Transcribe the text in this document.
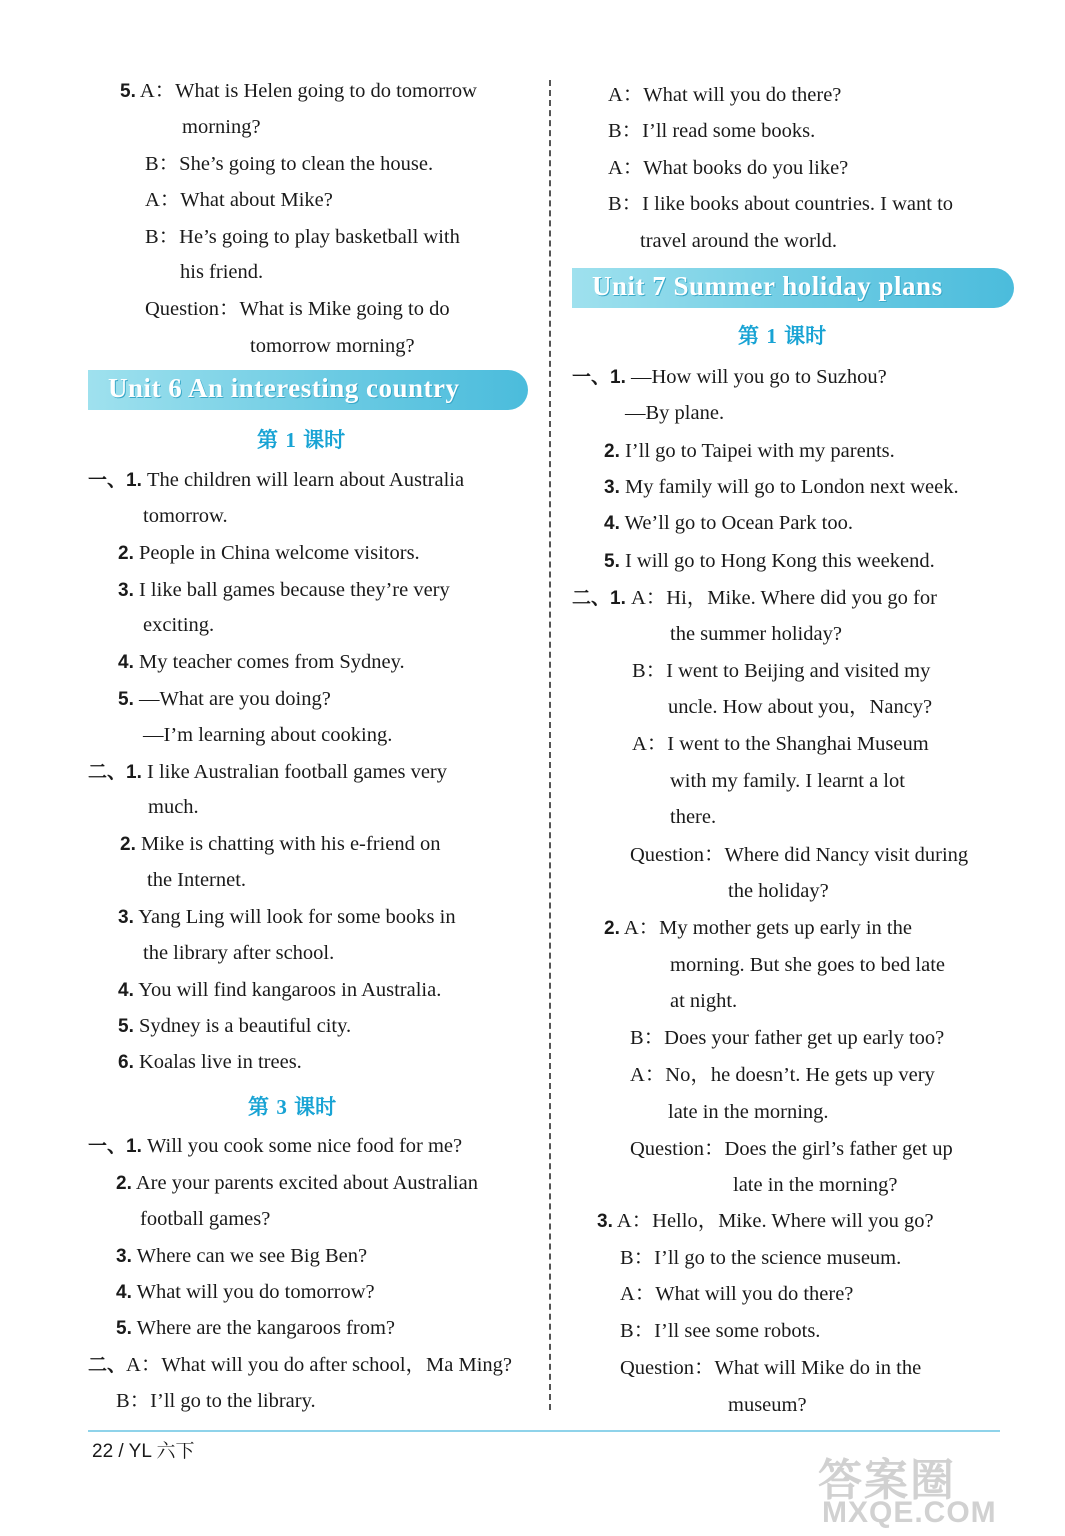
5. A：What is Helen going to do tomorrow
morning?
B：She’s going to clean the house.
A：What about Mike?
B：He’s going to play basketball with
his friend.
Question：What is Mike going to do
tomorrow morning?
一、1. The children will learn about Australia
tomorrow.
2. People in China welcome visitors.
3. I like ball games because they’re very
exciting.
4. My teacher comes from Sydney.
5. —What are you doing?
—I’m learning about cooking.
二、1. I like Australian football games very
much.
2. Mike is chatting with his e-friend on
the Internet.
3. Yang Ling will look for some books in
the library after school.
4. You will find kangaroos in Australia.
5. Sydney is a beautiful city.
6. Koalas live in trees.
一、1. Will you cook some nice food for me?
2. Are your parents excited about Australian
football games?
3. Where can we see Big Ben?
4. What will you do tomorrow?
5. Where are the kangaroos from?
二、A：What will you do after school，Ma Ming?
B：I’ll go to the library.
A：What will you do there?
B：I’ll read some books.
A：What books do you like?
B：I like books about countries. I want to
travel around the world.
一、1. —How will you go to Suzhou?
—By plane.
2. I’ll go to Taipei with my parents.
3. My family will go to London next week.
4. We’ll go to Ocean Park too.
5. I will go to Hong Kong this weekend.
二、1. A：Hi，Mike. Where did you go for
the summer holiday?
B：I went to Beijing and visited my
uncle. How about you，Nancy?
A：I went to the Shanghai Museum
with my family. I learnt a lot
there.
Question：Where did Nancy visit during
the holiday?
2. A：My mother gets up early in the
morning. But she goes to bed late
at night.
B：Does your father get up early too?
A：No，he doesn’t. He gets up very
late in the morning.
Question：Does the girl’s father get up
late in the morning?
3. A：Hello，Mike. Where will you go?
B：I’ll go to the science museum.
A：What will you do there?
B：I’ll see some robots.
Question：What will Mike do in the
museum?
Unit 6 An interesting country
第 1 课时
第 3 课时
Unit 7 Summer holiday plans
第 1 课时
22 / YL 六下
答案圈
MXQE.COM
